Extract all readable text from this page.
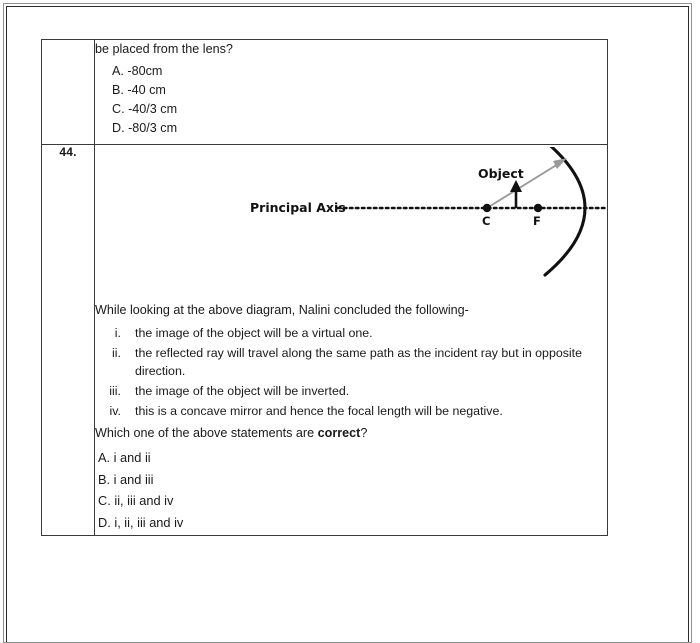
be placed from the lens?

A. -80cm
B. -40 cm
C. -40/3 cm
D. -80/3 cm

44.	
Principal Axis
Object
C	F

While looking at the above diagram, Nalini concluded the following-

i. the image of the object will be a virtual one.
ii. the reflected ray will travel along the same path as the incident ray but in opposite direction.
iii. the image of the object will be inverted.
iv. this is a concave mirror and hence the focal length will be negative.

Which one of the above statements are correct?

A. i and ii
B. i and iii
C. ii, iii and iv
D. i, ii, iii and iv
